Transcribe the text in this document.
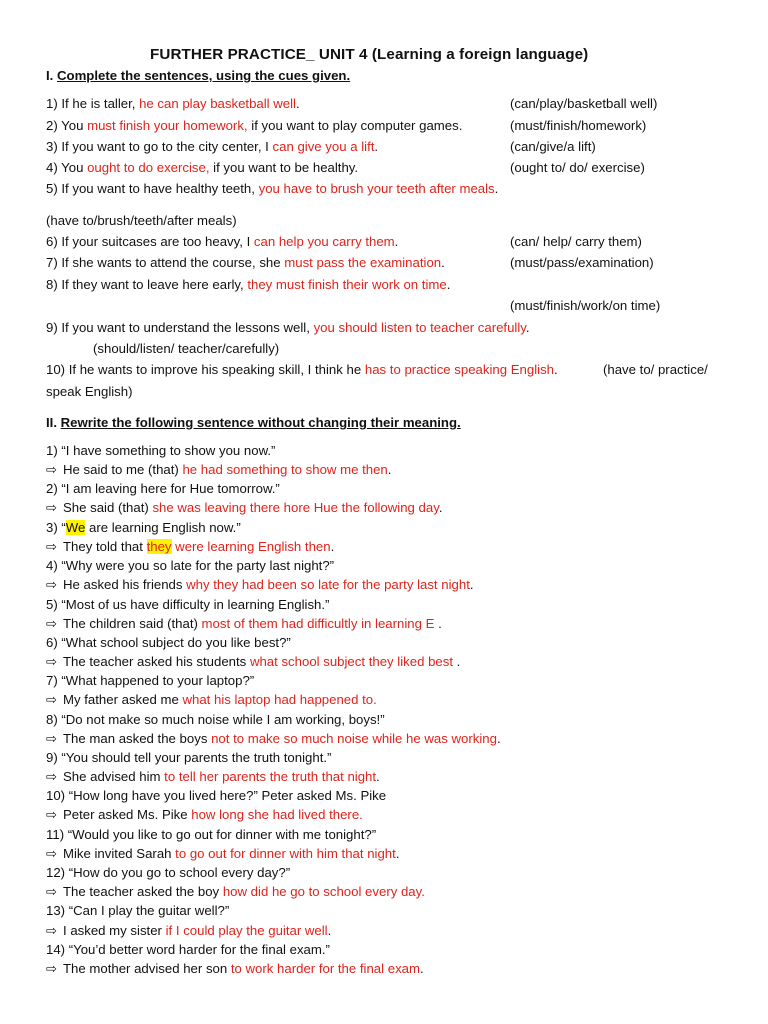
FURTHER PRACTICE_ UNIT 4 (Learning a foreign language)
I. Complete the sentences, using the cues given.
1) If he is taller, he can play basketball well.	(can/play/basketball well)
2) You must finish your homework, if you want to play computer games.	(must/finish/homework)
3) If you want to go to the city center, I can give you a lift.	(can/give/a lift)
4) You ought to do exercise, if you want to be healthy.	(ought to/ do/ exercise)
5) If you want to have healthy teeth, you have to brush your teeth after meals.
(have to/brush/teeth/after meals)
6) If your suitcases are too heavy, I can help you carry them.	(can/ help/ carry them)
7) If she wants to attend the course, she must pass the examination.	(must/pass/examination)
8) If they want to leave here early, they must finish their work on time.
(must/finish/work/on time)
9) If you want to understand the lessons well, you should listen to teacher carefully.
(should/listen/ teacher/carefully)
10) If he wants to improve his speaking skill, I think he has to practice speaking English.	(have to/ practice/
speak English)
II. Rewrite the following sentence without changing their meaning.
1) “I have something to show you now.”
⇨ He said to me (that) he had something to show me then.
2) “I am leaving here for Hue tomorrow.”
⇨ She said (that) she was leaving there hore Hue the following day.
3) “We are learning English now.”
⇨ They told that they were learning English then.
4) “Why were you so late for the party last night?”
⇨ He asked his friends why they had been so late for the party last night.
5) “Most of us have difficulty in learning English.”
⇨ The children said (that) most of them had difficultly in learning E .
6) “What school subject do you like best?”
⇨ The teacher asked his students what school subject they liked best .
7) “What happened to your laptop?”
⇨ My father asked me what his laptop had happened to.
8) “Do not make so much noise while I am working, boys!”
⇨ The man asked the boys not to make so much noise while he was working.
9) “You should tell your parents the truth tonight.”
⇨ She advised him to tell her parents the truth that night.
10) “How long have you lived here?” Peter asked Ms. Pike
⇨ Peter asked Ms. Pike how long she had lived there.
11) “Would you like to go out for dinner with me tonight?”
⇨ Mike invited Sarah to go out for dinner with him that night.
12) “How do you go to school every day?”
⇨ The teacher asked the boy how did he go to school every day.
13) “Can I play the guitar well?”
⇨ I asked my sister if I could play the guitar well.
14) “You’d better word harder for the final exam.”
⇨ The mother advised her son to work harder for the final exam.
